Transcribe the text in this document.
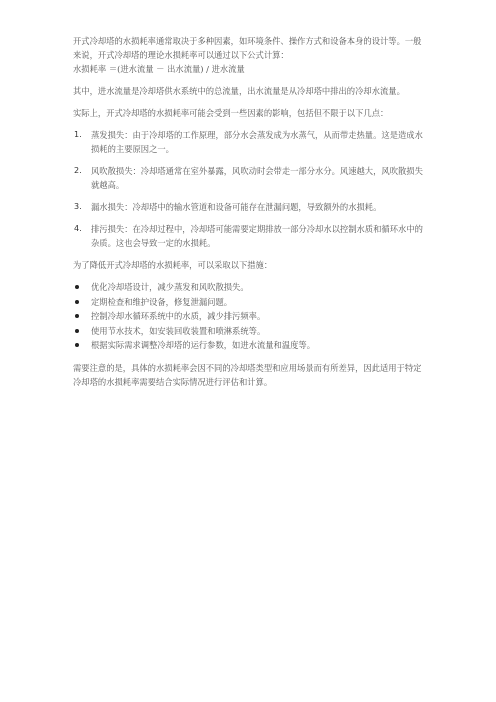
开式冷却塔的水损耗率通常取决于多种因素，如环境条件、操作方式和设备本身的设计等。一般来说，开式冷却塔的理论水损耗率可以通过以下公式计算：

水损耗率 ＝(进水流量 － 出水流量) / 进水流量

其中，进水流量是冷却塔供水系统中的总流量，出水流量是从冷却塔中排出的冷却水流量。

实际上，开式冷却塔的水损耗率可能会受到一些因素的影响，包括但不限于以下几点：

1. 蒸发损失：由于冷却塔的工作原理，部分水会蒸发成为水蒸气，从而带走热量。这是造成水损耗的主要原因之一。
2. 风吹散损失：冷却塔通常在室外暴露，风吹动时会带走一部分水分。风速越大，风吹散损失就越高。
3. 漏水损失：冷却塔中的输水管道和设备可能存在泄漏问题，导致额外的水损耗。
4. 排污损失：在冷却过程中，冷却塔可能需要定期排放一部分冷却水以控制水质和循环水中的杂质。这也会导致一定的水损耗。

为了降低开式冷却塔的水损耗率，可以采取以下措施：

优化冷却塔设计，减少蒸发和风吹散损失。
定期检查和维护设备，修复泄漏问题。
控制冷却水循环系统中的水质，减少排污频率。
使用节水技术，如安装回收装置和喷淋系统等。
根据实际需求调整冷却塔的运行参数，如进水流量和温度等。

需要注意的是，具体的水损耗率会因不同的冷却塔类型和应用场景而有所差异，因此适用于特定冷却塔的水损耗率需要结合实际情况进行评估和计算。
